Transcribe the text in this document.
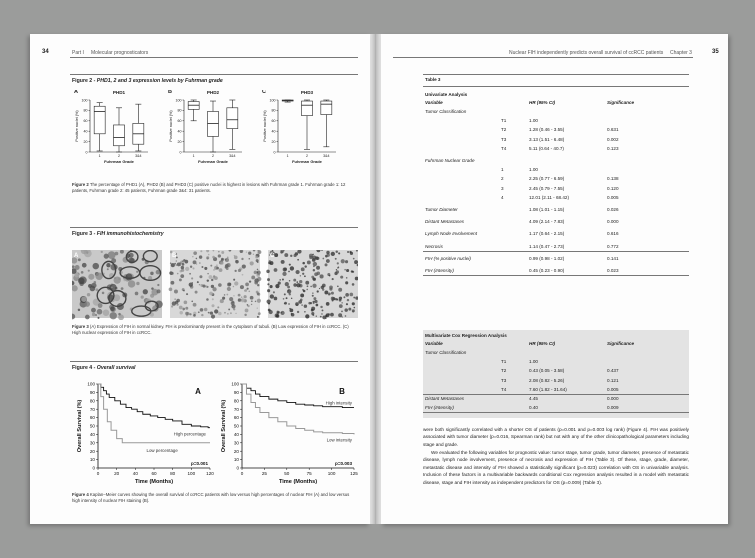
34	Part I Molecular prognosticators
Figure 2 - PHD1, 2 and 3 expression levels by Fuhrman grade
A	PHD1
0
20
40
60
80
100
Positive nuclei (%)
1	2	3&4
Fuhrman Grade
B	PHD2
0
20
40
60
80
100
Positive nuclei (%)
1	2	3&4
Fuhrman Grade
C	PHD3
0
20
40
60
80
100
Positive nuclei (%)
1	2	3&4
Fuhrman Grade
Figure 2 The percentage of PHD1 (A), PHD2 (B) and PHD3 (C) positive nuclei is highest in lesions with Fuhrman grade 1. Fuhrman grade 1: 12 patients, Fuhrman grade 2: 45 patients, Fuhrman grade 3&4: 31 patients.
Figure 3 - FIH immunohistochemistry
A	B	C
Figure 3 (A) Expression of FIH in normal kidney. FIH is predominantly present in the cytoplasm of tubuli. (B) Low expression of FIH in ccRCC. (C) High nuclear expression of FIH in ccRCC.
Figure 4 - Overall survival
0
10
20
30
40
50
60
70
80
90
100
0	20	40	60	80	100 120
Overall Survival (%)
Time (Months)
A
High percentage
Low percentage
p=0.001
0
10
20
30
40
50
60
70
80
90
100
0	25	50	75	100	125
Overall Survival (%)
Time (Months)
B
High intensity
Low intensity
p=0.003
Figure 4 Kaplan–Meier curves showing the overall survival of ccRCC patients with low versus high percentages of nuclear FIH (A) and low versus high intensity of nuclear FIH staining (B).
Nuclear FIH independently predicts overall survival of ccRCC patients Chapter 3	35
Table 3
were both significantly correlated with a shorter OS of patients (p=0.001 and p=0.003 log rank) (Figure 4). FIH was positively associated with tumor diameter (p=0.016, Spearman rank) but not with any of the other clinicopathological parameters including stage and grade.
We evaluated the following variables for prognostic value: tumor stage, tumor grade, tumor diameter, presence of metastatic disease, lymph node involvement, presence of necrosis and expression of FIH (Table 3). Of these, stage, grade, diameter, metastatic disease and intensity of FIH showed a statistically significant (p=0.023) correlation with OS in univariable analysis. Inclusion of these factors in a multivariable backwards conditional Cox regression analysis resulted in a model with metastatic disease, stage and FIH intensity as independent predictors for OS (p=0.009) (Table 3).
Univariate Analysis
Variable	HR (95% CI)	Significance
Tumor Classification
T1	1.00
T2	1.28 (0.46 - 3.55)	0.631
T3	3.13 (1.51 - 6.48)	0.002
T4	5.11 (0.64 - 40.7)	0.123
Fuhrman Nuclear Grade
1	1.00
2	2.25 (0.77 - 6.59)	0.138
3	2.45 (0.79 - 7.55)	0.120
4	12.01 (2.11 - 68.42)	0.005
Tumor Diameter	1.08 (1.01 - 1.15)	0.026
Distant Metastases	4.09 (2.14 - 7.83)	0.000
Lymph Node Involvement	1.17 (0.64 - 2.15)	0.616
Necrosis	1.14 (0.47 - 2.73)	0.772
FIH (% positive nuclei)	0.99 (0.98 - 1.02)	0.141
FIH (Intensity)	0.45 (0.23 - 0.90)	0.023
Multivariate Cox Regression Analysis
Variable	HR (95% CI)	Significance
Tumor Classification
T1	1.00
T2	0.43 (0.05 - 3.58)	0.437
T3	2.08 (0.82 - 5.26)	0.121
T4	7.60 (1.82 - 31.64)	0.005
Distant Metastases	4.45	0.000
FIH (Intensity)	0.40	0.009
